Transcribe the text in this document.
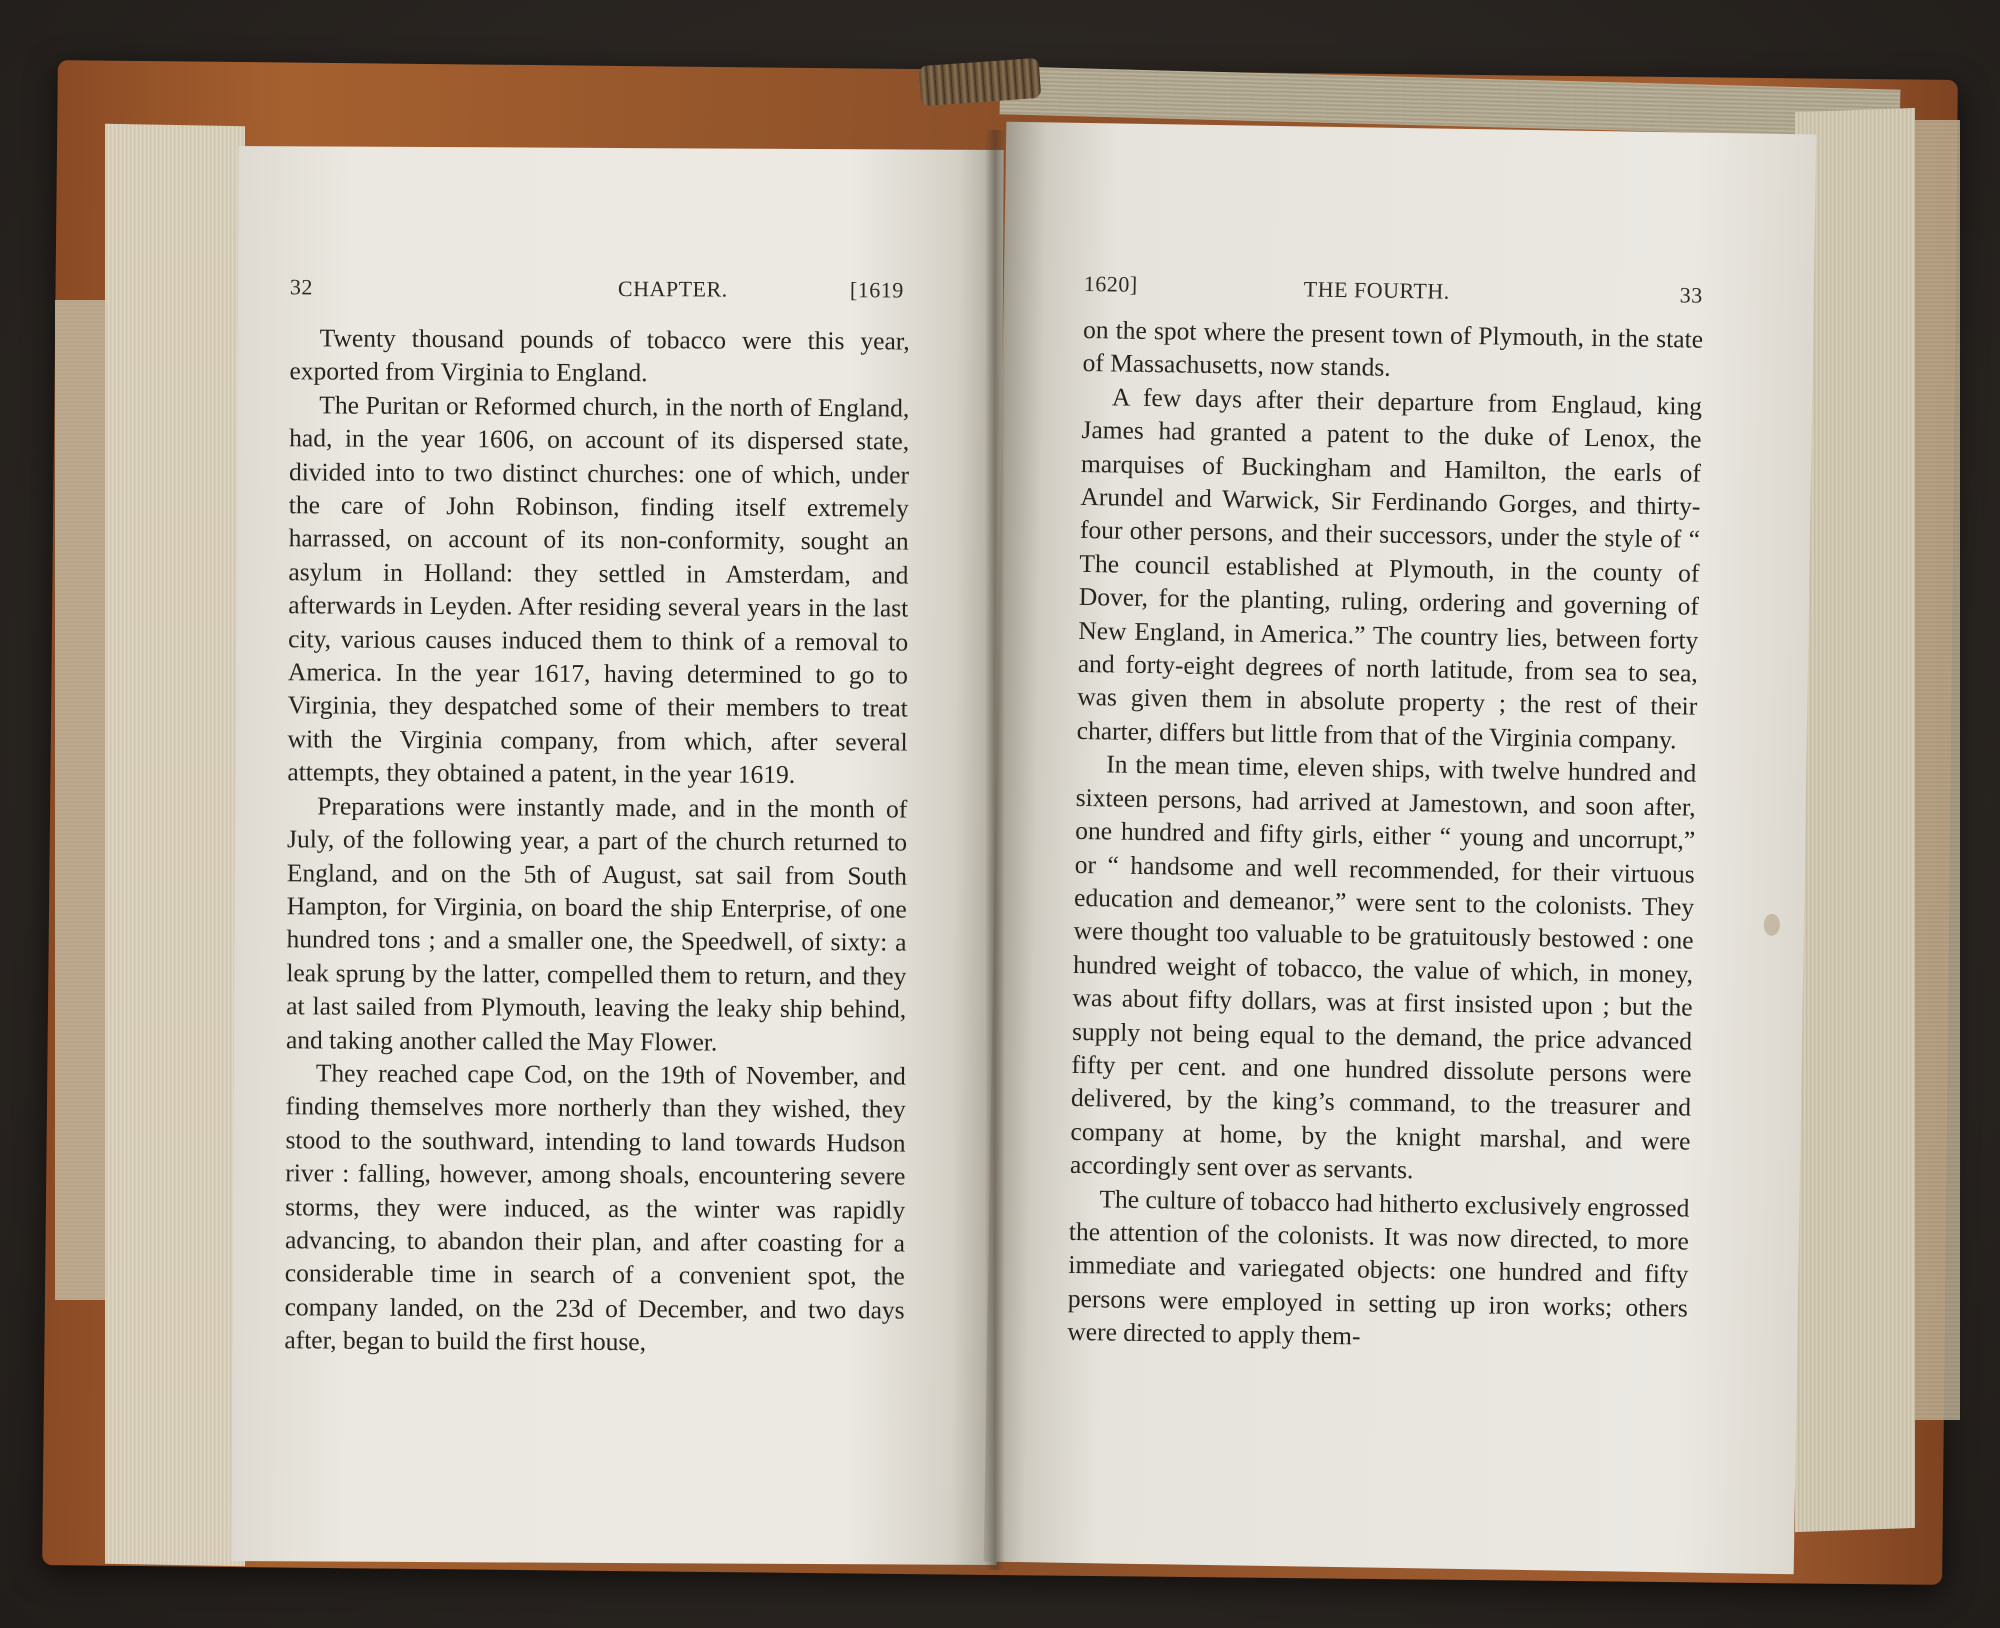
32	CHAPTER.	[1619

Twenty thousand pounds of tobacco were this year, exported from Virginia to England.

The Puritan or Reformed church, in the north of England, had, in the year 1606, on account of its dispersed state, divided into to two distinct churches: one of which, under the care of John Robinson, finding itself extremely harrassed, on account of its non-conformity, sought an asylum in Holland: they settled in Amsterdam, and afterwards in Leyden. After residing several years in the last city, various causes induced them to think of a removal to America. In the year 1617, having determined to go to Virginia, they despatched some of their members to treat with the Virginia company, from which, after several attempts, they obtained a patent, in the year 1619.

Preparations were instantly made, and in the month of July, of the following year, a part of the church returned to England, and on the 5th of August, sat sail from South Hampton, for Virginia, on board the ship Enterprise, of one hundred tons ; and a smaller one, the Speedwell, of sixty: a leak sprung by the latter, compelled them to return, and they at last sailed from Plymouth, leaving the leaky ship behind, and taking another called the May Flower.

They reached cape Cod, on the 19th of November, and finding themselves more northerly than they wished, they stood to the southward, intending to land towards Hudson river : falling, however, among shoals, encountering severe storms, they were induced, as the winter was rapidly advancing, to abandon their plan, and after coasting for a considerable time in search of a convenient spot, the company landed, on the 23d of December, and two days after, began to build the first house,

1620]	THE FOURTH.	33

on the spot where the present town of Plymouth, in the state of Massachusetts, now stands.

A few days after their departure from Englaud, king James had granted a patent to the duke of Lenox, the marquises of Buckingham and Hamilton, the earls of Arundel and Warwick, Sir Ferdinando Gorges, and thirty-four other persons, and their successors, under the style of “ The council established at Plymouth, in the county of Dover, for the planting, ruling, ordering and governing of New England, in America.” The country lies, between forty and forty-eight degrees of north latitude, from sea to sea, was given them in absolute property ; the rest of their charter, differs but little from that of the Virginia company.

In the mean time, eleven ships, with twelve hundred and sixteen persons, had arrived at Jamestown, and soon after, one hundred and fifty girls, either “ young and uncorrupt,” or “ handsome and well recommended, for their virtuous education and demeanor,” were sent to the colonists. They were thought too valuable to be gratuitously bestowed : one hundred weight of tobacco, the value of which, in money, was about fifty dollars, was at first insisted upon ; but the supply not being equal to the demand, the price advanced fifty per cent. and one hundred dissolute persons were delivered, by the king’s command, to the treasurer and company at home, by the knight marshal, and were accordingly sent over as servants.

The culture of tobacco had hitherto exclusively engrossed the attention of the colonists. It was now directed, to more immediate and variegated objects: one hundred and fifty persons were employed in setting up iron works; others were directed to apply them-
